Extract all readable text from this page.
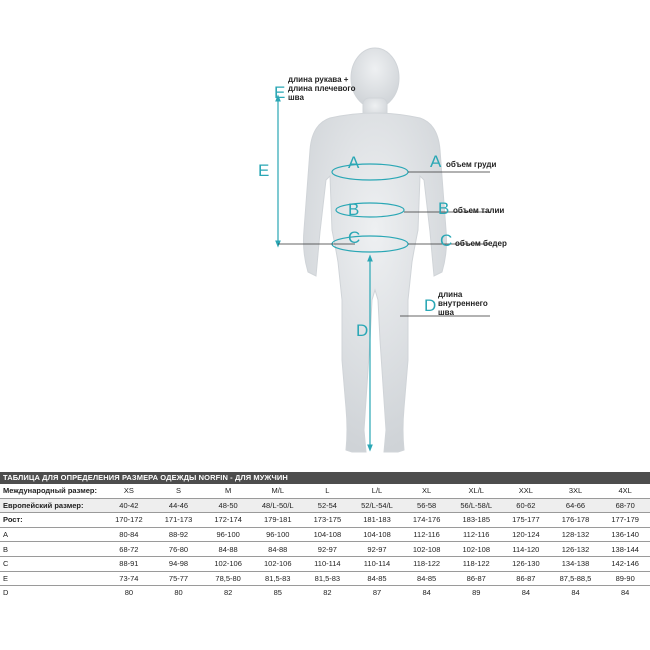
A
B
C
D
E	A объем груди
B объем талии
C объем бедер
D
длина внутреннего шва
E
длина рукава + длина плечевого шва
ТАБЛИЦА ДЛЯ ОПРЕДЕЛЕНИЯ РАЗМЕРА ОДЕЖДЫ NORFIN - ДЛЯ МУЖЧИН
Международный размер:	XS	S	M	M/L	L	L/L	XL	XL/L	XXL	3XL	4XL
Европейский размер:	40-42	44-46	48-50	48/L-50/L	52-54	52/L-54/L	56-58	56/L-58/L	60-62	64-66	68-70
Рост:	170-172	171-173	172-174	179-181	173-175	181-183	174-176	183-185	175-177	176-178	177-179
A	80-84	88-92	96-100	96-100	104-108	104-108	112-116	112-116	120-124	128-132	136-140
B	68-72	76-80	84-88	84-88	92-97	92-97	102-108	102-108	114-120	126-132	138-144
C	88-91	94-98	102-106	102-106	110-114	110-114	118-122	118-122	126-130	134-138	142-146
E	73-74	75-77	78,5-80	81,5-83	81,5-83	84-85	84-85	86-87	86-87	87,5-88,5	89-90
D	80	80	82	85	82	87	84	89	84	84	84
